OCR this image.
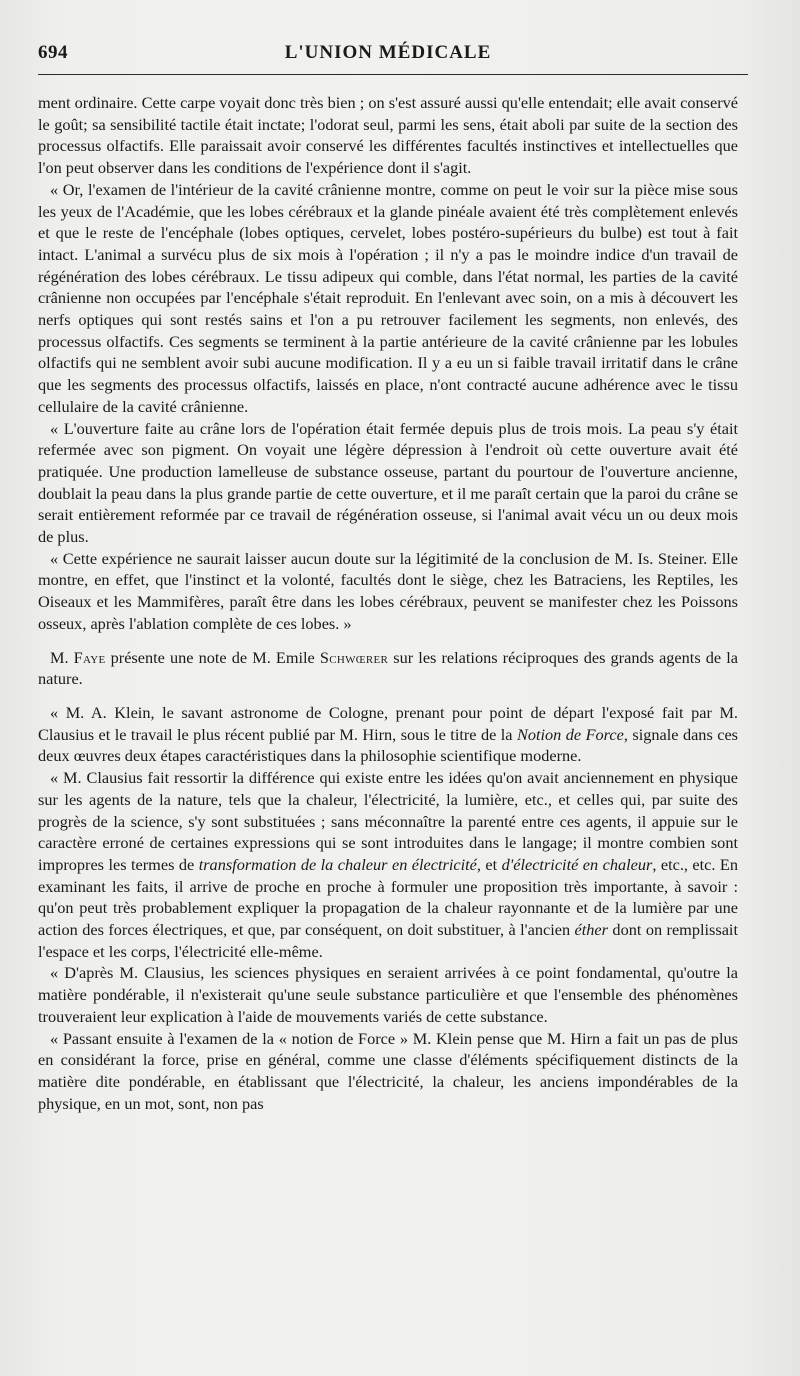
694	L'UNION MÉDICALE

ment ordinaire. Cette carpe voyait donc très bien ; on s'est assuré aussi qu'elle entendait; elle avait conservé le goût; sa sensibilité tactile était inctate; l'odorat seul, parmi les sens, était aboli par suite de la section des processus olfactifs. Elle paraissait avoir conservé les différentes facultés instinctives et intellectuelles que l'on peut observer dans les conditions de l'expérience dont il s'agit.

« Or, l'examen de l'intérieur de la cavité crânienne montre, comme on peut le voir sur la pièce mise sous les yeux de l'Académie, que les lobes cérébraux et la glande pinéale avaient été très complètement enlevés et que le reste de l'encéphale (lobes optiques, cervelet, lobes postéro-supérieurs du bulbe) est tout à fait intact. L'animal a survécu plus de six mois à l'opération ; il n'y a pas le moindre indice d'un travail de régénération des lobes cérébraux. Le tissu adipeux qui comble, dans l'état normal, les parties de la cavité crânienne non occupées par l'encéphale s'était reproduit. En l'enlevant avec soin, on a mis à découvert les nerfs optiques qui sont restés sains et l'on a pu retrouver facilement les segments, non enlevés, des processus olfactifs. Ces segments se terminent à la partie antérieure de la cavité crânienne par les lobules olfactifs qui ne semblent avoir subi aucune modification. Il y a eu un si faible travail irritatif dans le crâne que les segments des processus olfactifs, laissés en place, n'ont contracté aucune adhérence avec le tissu cellulaire de la cavité crânienne.

« L'ouverture faite au crâne lors de l'opération était fermée depuis plus de trois mois. La peau s'y était refermée avec son pigment. On voyait une légère dépression à l'endroit où cette ouverture avait été pratiquée. Une production lamelleuse de substance osseuse, partant du pourtour de l'ouverture ancienne, doublait la peau dans la plus grande partie de cette ouverture, et il me paraît certain que la paroi du crâne se serait entièrement reformée par ce travail de régénération osseuse, si l'animal avait vécu un ou deux mois de plus.

« Cette expérience ne saurait laisser aucun doute sur la légitimité de la conclusion de M. Is. Steiner. Elle montre, en effet, que l'instinct et la volonté, facultés dont le siège, chez les Batraciens, les Reptiles, les Oiseaux et les Mammifères, paraît être dans les lobes cérébraux, peuvent se manifester chez les Poissons osseux, après l'ablation complète de ces lobes. »

M. Faye présente une note de M. Emile Schwœrer sur les relations réciproques des grands agents de la nature.

« M. A. Klein, le savant astronome de Cologne, prenant pour point de départ l'exposé fait par M. Clausius et le travail le plus récent publié par M. Hirn, sous le titre de la Notion de Force, signale dans ces deux œuvres deux étapes caractéristiques dans la philosophie scientifique moderne.

« M. Clausius fait ressortir la différence qui existe entre les idées qu'on avait anciennement en physique sur les agents de la nature, tels que la chaleur, l'électricité, la lumière, etc., et celles qui, par suite des progrès de la science, s'y sont substituées ; sans méconnaître la parenté entre ces agents, il appuie sur le caractère erroné de certaines expressions qui se sont introduites dans le langage; il montre combien sont impropres les termes de transformation de la chaleur en électricité, et d'électricité en chaleur, etc., etc. En examinant les faits, il arrive de proche en proche à formuler une proposition très importante, à savoir : qu'on peut très probablement expliquer la propagation de la chaleur rayonnante et de la lumière par une action des forces électriques, et que, par conséquent, on doit substituer, à l'ancien éther dont on remplissait l'espace et les corps, l'électricité elle-même.

« D'après M. Clausius, les sciences physiques en seraient arrivées à ce point fondamental, qu'outre la matière pondérable, il n'existerait qu'une seule substance particulière et que l'ensemble des phénomènes trouveraient leur explication à l'aide de mouvements variés de cette substance.

« Passant ensuite à l'examen de la « notion de Force » M. Klein pense que M. Hirn a fait un pas de plus en considérant la force, prise en général, comme une classe d'éléments spécifiquement distincts de la matière dite pondérable, en établissant que l'électricité, la chaleur, les anciens impondérables de la physique, en un mot, sont, non pas
